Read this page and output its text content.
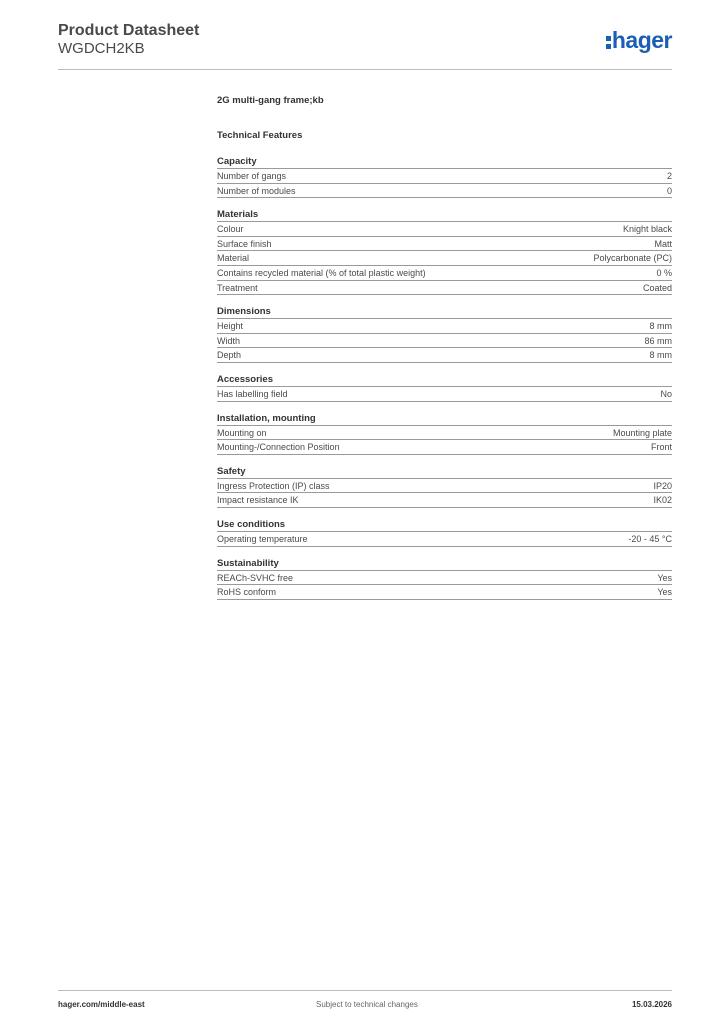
Product Datasheet
WGDCH2KB	hager
2G multi-gang frame;kb
Technical Features
Capacity
Number of gangs	2
Number of modules	0
Materials
Colour	Knight black
Surface finish	Matt
Material	Polycarbonate (PC)
Contains recycled material (% of total plastic weight)	0 %
Treatment	Coated
Dimensions
Height	8 mm
Width	86 mm
Depth	8 mm
Accessories
Has labelling field	No
Installation, mounting
Mounting on	Mounting plate
Mounting-/Connection Position	Front
Safety
Ingress Protection (IP) class	IP20
Impact resistance IK	IK02
Use conditions
Operating temperature	-20 - 45 °C
Sustainability
REACh-SVHC free	Yes
RoHS conform	Yes
hager.com/middle-east	Subject to technical changes	15.03.2026
